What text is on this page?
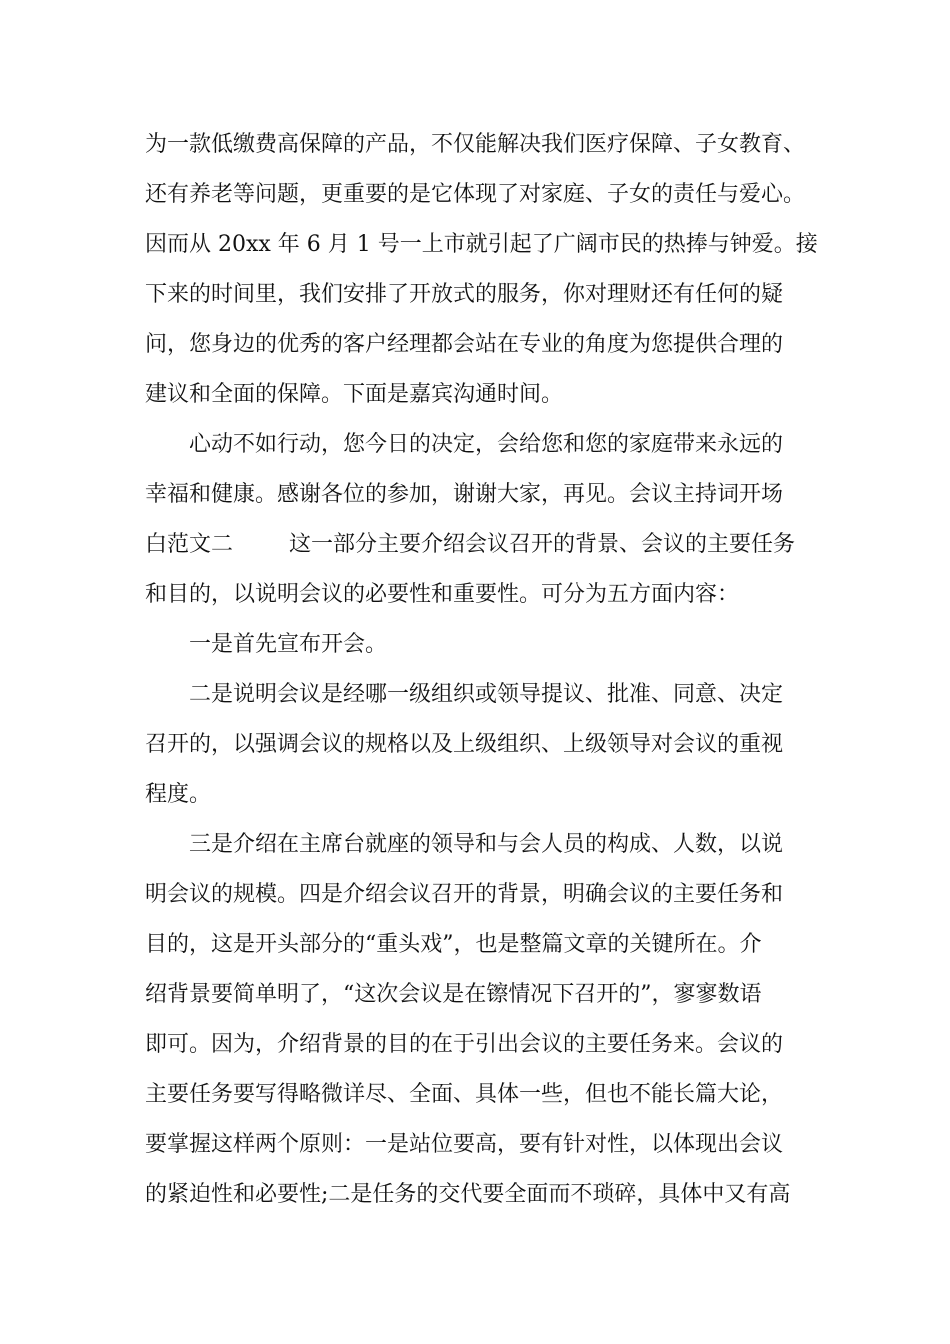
为一款低缴费高保障的产品，不仅能解决我们医疗保障、子女教育、
还有养老等问题，更重要的是它体现了对家庭、子女的责任与爱心。
因而从 20xx 年 6 月 1 号一上市就引起了广阔市民的热捧与钟爱。接
下来的时间里，我们安排了开放式的服务，你对理财还有任何的疑
问，您身边的优秀的客户经理都会站在专业的角度为您提供合理的
建议和全面的保障。下面是嘉宾沟通时间。
心动不如行动，您今日的决定，会给您和您的家庭带来永远的
幸福和健康。感谢各位的参加，谢谢大家，再见。会议主持词开场
白范文二        这一部分主要介绍会议召开的背景、会议的主要任务
和目的，以说明会议的必要性和重要性。可分为五方面内容：
一是首先宣布开会。
二是说明会议是经哪一级组织或领导提议、批准、同意、决定
召开的，以强调会议的规格以及上级组织、上级领导对会议的重视
程度。
三是介绍在主席台就座的领导和与会人员的构成、人数，以说
明会议的规模。四是介绍会议召开的背景，明确会议的主要任务和
目的，这是开头部分的“重头戏”，也是整篇文章的关键所在。介
绍背景要简单明了，“这次会议是在镲情况下召开的”，寥寥数语
即可。因为，介绍背景的目的在于引出会议的主要任务来。会议的
主要任务要写得略微详尽、全面、具体一些，但也不能长篇大论，
要掌握这样两个原则：一是站位要高，要有针对性，以体现出会议
的紧迫性和必要性;二是任务的交代要全面而不琐碎，具体中又有高
